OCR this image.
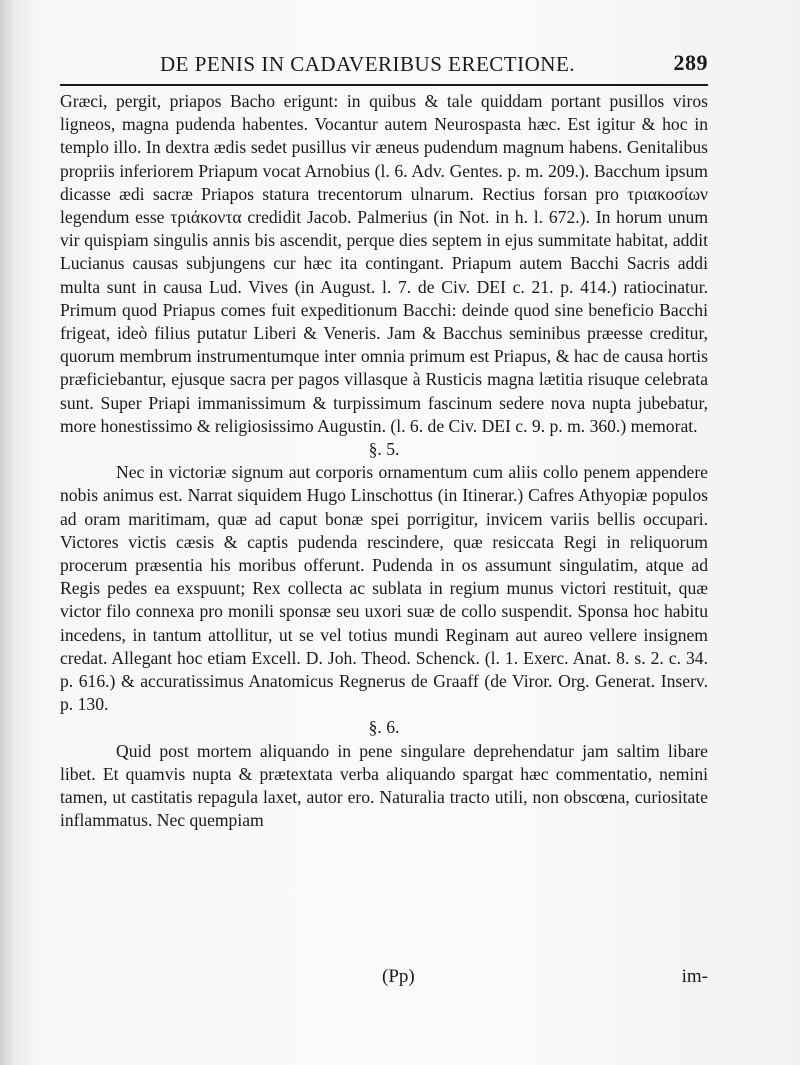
DE PENIS IN CADAVERIBUS ERECTIONE.	289

Græci, pergit, priapos Bacho erigunt: in quibus & tale quiddam portant pusillos viros ligneos, magna pudenda habentes. Vocantur autem Neurospasta hæc. Est igitur & hoc in templo illo. In dextra ædis sedet pusillus vir æneus pudendum magnum habens. Genitalibus propriis inferiorem Priapum vocat Arnobius (l. 6. Adv. Gentes. p. m. 209.). Bacchum ipsum dicasse ædi sacræ Priapos statura trecentorum ulnarum. Rectius forsan pro τριακοσίων legendum esse τριάκοντα credidit Jacob. Palmerius (in Not. in h. l. 672.). In horum unum vir quispiam singulis annis bis ascendit, perque dies septem in ejus summitate habitat, addit Lucianus causas subjungens cur hæc ita contingant. Priapum autem Bacchi Sacris addi multa sunt in causa Lud. Vives (in August. l. 7. de Civ. DEI c. 21. p. 414.) ratiocinatur. Primum quod Priapus comes fuit expeditionum Bacchi: deinde quod sine beneficio Bacchi frigeat, ideò filius putatur Liberi & Veneris. Jam & Bacchus seminibus præesse creditur, quorum membrum instrumentumque inter omnia primum est Priapus, & hac de causa hortis præficiebantur, ejusque sacra per pagos villasque à Rusticis magna lætitia risuque celebrata sunt. Super Priapi immanissimum & turpissimum fascinum sedere nova nupta jubebatur, more honestissimo & religiosissimo Augustin. (l. 6. de Civ. DEI c. 9. p. m. 360.) memorat.

§. 5.

Nec in victoriæ signum aut corporis ornamentum cum aliis collo penem appendere nobis animus est. Narrat siquidem Hugo Linschottus (in Itinerar.) Cafres Athyopiæ populos ad oram maritimam, quæ ad caput bonæ spei porrigitur, invicem variis bellis occupari. Victores victis cæsis & captis pudenda rescindere, quæ resiccata Regi in reliquorum procerum præsentia his moribus offerunt. Pudenda in os assumunt singulatim, atque ad Regis pedes ea exspuunt; Rex collecta ac sublata in regium munus victori restituit, quæ victor filo connexa pro monili sponsæ seu uxori suæ de collo suspendit. Sponsa hoc habitu incedens, in tantum attollitur, ut se vel totius mundi Reginam aut aureo vellere insignem credat. Allegant hoc etiam Excell. D. Joh. Theod. Schenck. (l. 1. Exerc. Anat. 8. s. 2. c. 34. p. 616.) & accuratissimus Anatomicus Regnerus de Graaff (de Viror. Org. Generat. Inserv. p. 130.

§. 6.

Quid post mortem aliquando in pene singulare deprehendatur jam saltim libare libet. Et quamvis nupta & prætextata verba aliquando spargat hæc commentatio, nemini tamen, ut castitatis repagula laxet, autor ero. Naturalia tracto utili, non obscœna, curiositate inflammatus. Nec quempiam

(Pp)	im-
